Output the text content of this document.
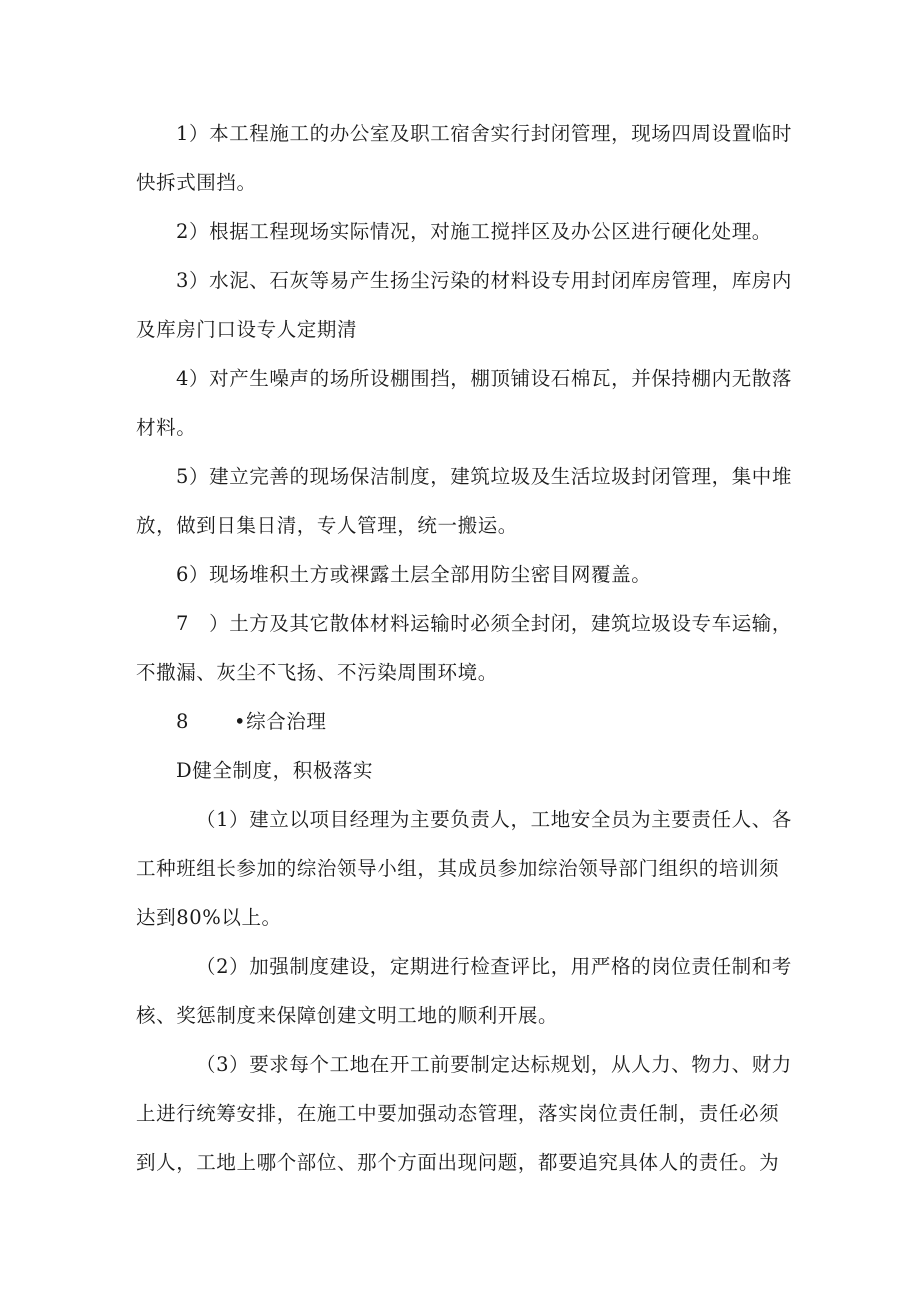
1）本工程施工的办公室及职工宿舍实行封闭管理，现场四周设置临时
快拆式围挡。
2）根据工程现场实际情况，对施工搅拌区及办公区进行硬化处理。
3）水泥、石灰等易产生扬尘污染的材料设专用封闭库房管理，库房内
及库房门口设专人定期清
4）对产生噪声的场所设棚围挡，棚顶铺设石棉瓦，并保持棚内无散落
材料。
5）建立完善的现场保洁制度，建筑垃圾及生活垃圾封闭管理，集中堆
放，做到日集日清，专人管理，统一搬运。
6）现场堆积土方或裸露土层全部用防尘密目网覆盖。
7　）土方及其它散体材料运输时必须全封闭，建筑垃圾设专车运输，
不撒漏、灰尘不飞扬、不污染周围环境。
8 •综合治理
D健全制度，积极落实
（1）建立以项目经理为主要负责人，工地安全员为主要责任人、各
工种班组长参加的综治领导小组，其成员参加综治领导部门组织的培训须
达到80%以上。
（2）加强制度建设，定期进行检查评比，用严格的岗位责任制和考
核、奖惩制度来保障创建文明工地的顺利开展。
（3）要求每个工地在开工前要制定达标规划，从人力、物力、财力
上进行统筹安排，在施工中要加强动态管理，落实岗位责任制，责任必须
到人，工地上哪个部位、那个方面出现问题，都要追究具体人的责任。为
